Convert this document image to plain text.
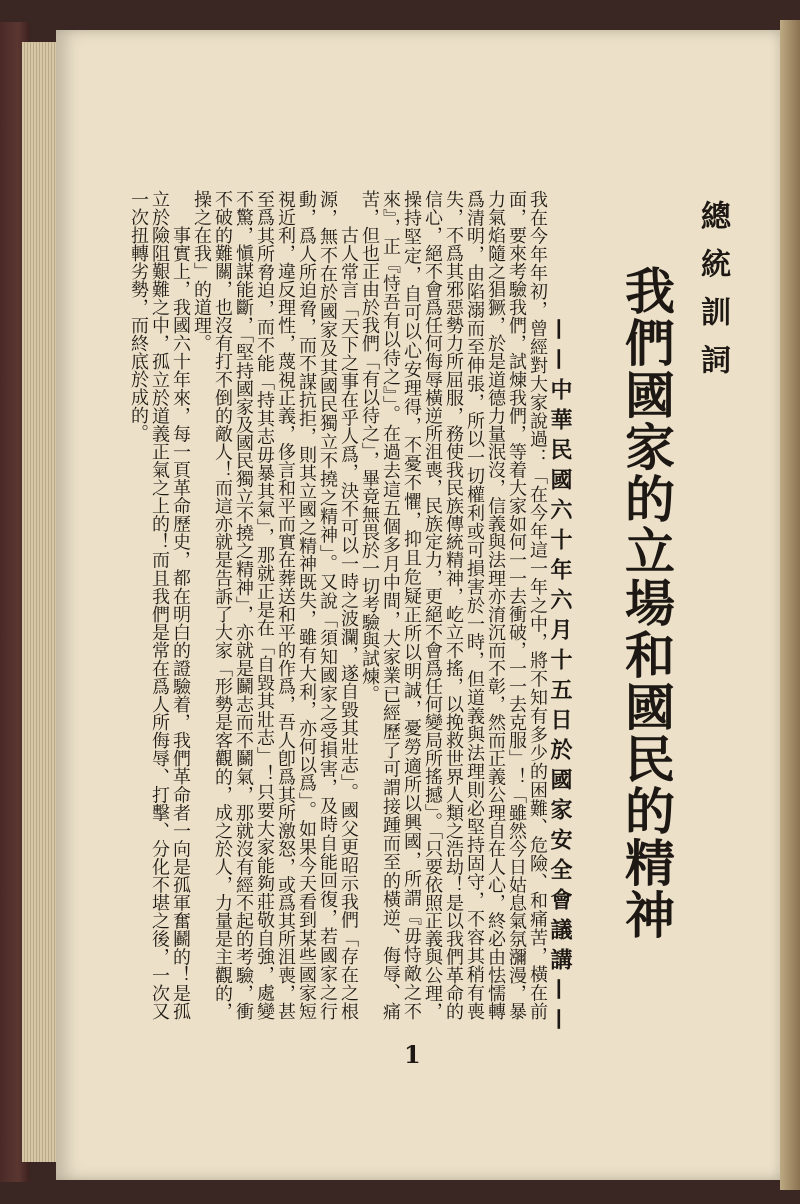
總統訓詞
我們國家的立場和國民的精神
——中華民國六十年六月十五日於國家安全會議講——

我在今年年初，曾經對大家說過：「在今年這一年之中，將不知有多少的困難、危險、和痛苦，橫在前面，要來考驗我們，試煉我們，等着大家如何一一去衝破，一一去克服」！「雖然今日姑息氣氛瀰漫，暴力氣焰隨之猖獗，於是道德力量泯沒，信義與法理亦淯沉而不彰，然而正義公理自在人心，終必由怯懦轉爲清明，由陷溺而至伸張，所以一切權利或可損害於一時，但道義與法理則必堅持固守，不容其稍有喪失，不爲其邪惡勢力所屈服，務使我民族傳統精神，屹立不搖，以挽救世界人類之浩劫！是以我們革命的信心，絕不會爲任何侮辱橫逆所沮喪，民族定力，更絕不會爲任何變局所搖撼」。「只要依照正義與公理，操持堅定，自可以心安理得，不憂不懼，抑且危疑正所以明誠，憂勞適所以興國，所謂『毋恃敵之不來』，正『恃吾有以待之』」。在過去這五個多月中間，大家業已經歷了可謂接踵而至的橫逆、侮辱、痛苦，但也正由於我們「有以待之」，畢竟無畏於一切考驗與試煉。

古人常言「天下之事在乎人爲，決不可以一時之波瀾，遂自毀其壯志」。國父更昭示我們「存在之根源，無不在於國家及其國民獨立不撓之精神」。又說「須知國家之受損害，及時自能回復，若國家之行動，爲人所迫脅，而不謀抗拒，則其立國之精神既失，雖有大利，亦何以爲」。如果今天看到某些國家短視近利，違反理性，蔑視正義，侈言和平而實在葬送和平的作爲，吾人卽爲其所激怒，或爲其所沮喪，甚至爲其所脅迫，而不能「持其志毋暴其氣」，那就正是在「自毀其壯志」！只要大家能夠莊敬自強，處變不驚，愼謀能斷，「堅持國家及國民獨立不撓之精神」，亦就是鬭志而不鬭氣，那就沒有經不起的考驗，衝不破的難關，也沒有打不倒的敵人！而這亦就是告訴了大家「形勢是客觀的，成之於人，力量是主觀的，操之在我」的道理。

事實上，我國六十年來，每一頁革命歷史，都在明白的證驗着，我們革命者一向是孤軍奮鬬的！是孤立於險阻艱難之中，孤立於道義正氣之上的！而且我們是常在爲人所侮辱、打擊、分化不堪之後，一次又一次扭轉劣勢，而終底於成的。

1
